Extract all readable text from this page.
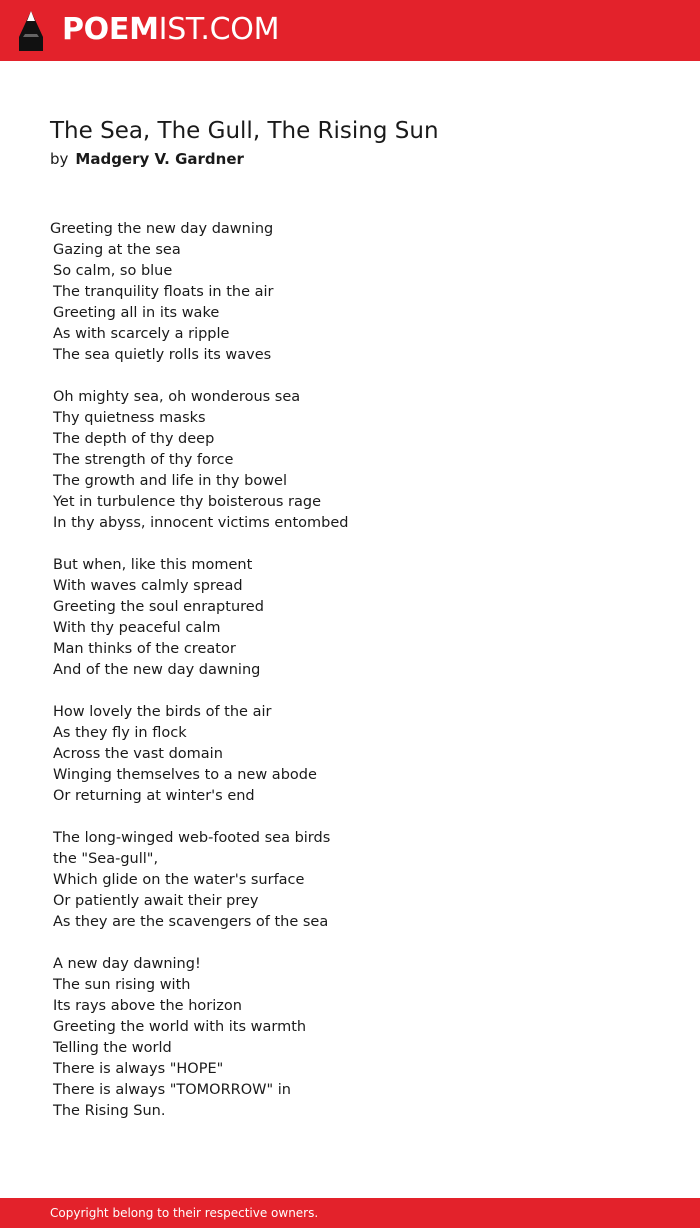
POEMIST.COM
The Sea, The Gull, The Rising Sun
by Madgery V. Gardner
Greeting the new day dawning
Gazing at the sea
So calm, so blue
The tranquility floats in the air
Greeting all in its wake
As with scarcely a ripple
The sea quietly rolls its waves
Oh mighty sea, oh wonderous sea
Thy quietness masks
The depth of thy deep
The strength of thy force
The growth and life in thy bowel
Yet in turbulence thy boisterous rage
In thy abyss, innocent victims entombed
But when, like this moment
With waves calmly spread
Greeting the soul enraptured
With thy peaceful calm
Man thinks of the creator
And of the new day dawning
How lovely the birds of the air
As they fly in flock
Across the vast domain
Winging themselves to a new abode
Or returning at winter's end
The long-winged web-footed sea birds
the "Sea-gull",
Which glide on the water's surface
Or patiently await their prey
As they are the scavengers of the sea
A new day dawning!
The sun rising with
Its rays above the horizon
Greeting the world with its warmth
Telling the world
There is always "HOPE"
There is always "TOMORROW" in
The Rising Sun.
Copyright belong to their respective owners.
